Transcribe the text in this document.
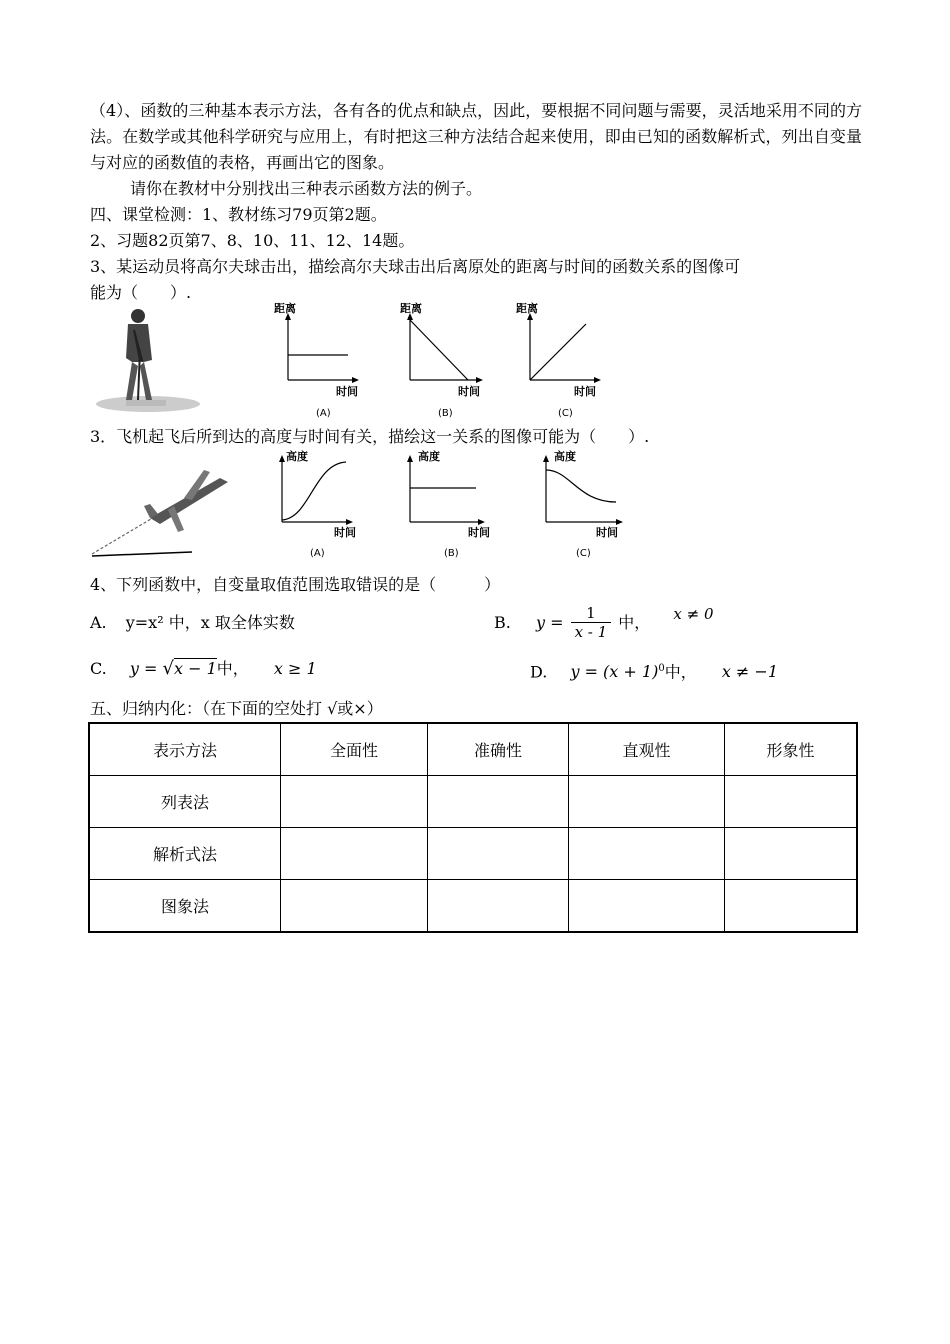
（4）、函数的三种基本表示方法，各有各的优点和缺点，因此，要根据不同问题与需要，灵活地采用不同的方法。在数学或其他科学研究与应用上，有时把这三种方法结合起来使用，即由已知的函数解析式，列出自变量与对应的函数值的表格，再画出它的图象。
请你在教材中分别找出三种表示函数方法的例子。
四、课堂检测：1、教材练习79页第2题。
2、习题82页第7、8、10、11、12、14题。
3、某运动员将高尔夫球击出，描绘高尔夫球击出后离原处的距离与时间的函数关系的图像可
能为（　　）.
距离
时间
(A)
距离
时间
(B)
距离
时间
(C)
3．飞机起飞后所到达的高度与时间有关，描绘这一关系的图像可能为（　　）.
高度
时间
(A)
高度
时间
(B)
高度
时间
(C)
4、下列函数中，自变量取值范围选取错误的是（　　　）
A. y=x² 中，x 取全体实数	B. $y = \frac{1}{x - 1}$ 中， x ≠ 0
C. y = √x − 1中， x ≥ 1	D. $y = (x + 1)^0$中， x ≠ −1
五、归纳内化：（在下面的空处打 √或×）
表示方法	全面性	准确性	直观性	形象性
列表法				
解析式法				
图象法				
